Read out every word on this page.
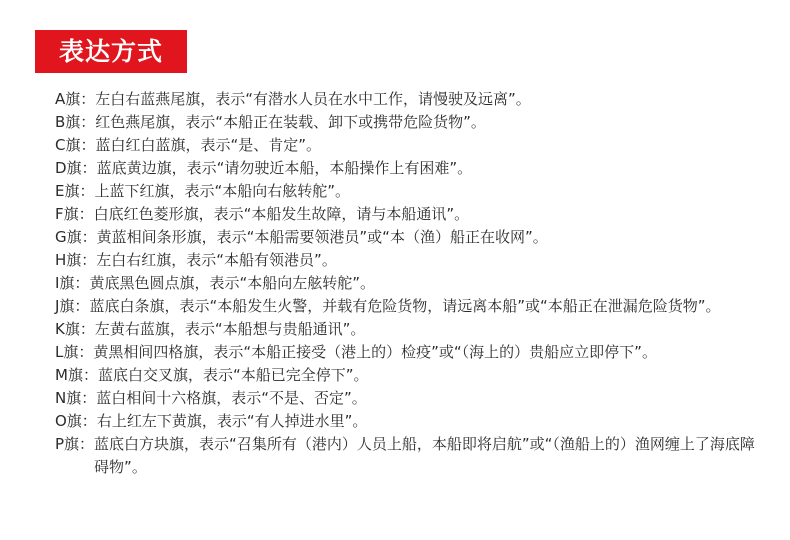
表达方式
A旗： 左白右蓝燕尾旗，表示“有潜水人员在水中工作，请慢驶及远离”。
B旗： 红色燕尾旗，表示“本船正在装载、卸下或携带危险货物”。
C旗： 蓝白红白蓝旗，表示“是、肯定”。
D旗： 蓝底黄边旗，表示“请勿驶近本船，本船操作上有困难”。
E旗： 上蓝下红旗，表示“本船向右舷转舵”。
F旗： 白底红色菱形旗，表示“本船发生故障，请与本船通讯”。
G旗： 黄蓝相间条形旗，表示“本船需要领港员”或“本（渔）船正在收网”。
H旗： 左白右红旗，表示“本船有领港员”。
I旗： 黄底黑色圆点旗，表示“本船向左舷转舵”。
J旗： 蓝底白条旗，表示“本船发生火警，并载有危险货物，请远离本船”或“本船正在泄漏危险货物”。
K旗： 左黄右蓝旗，表示“本船想与贵船通讯”。
L旗： 黄黑相间四格旗，表示“本船正接受（港上的）检疫”或“（海上的）贵船应立即停下”。
M旗： 蓝底白交叉旗，表示“本船已完全停下”。
N旗： 蓝白相间十六格旗，表示“不是、否定”。
O旗： 右上红左下黄旗，表示“有人掉进水里”。
P旗： 蓝底白方块旗，表示“召集所有（港内）人员上船，本船即将启航”或“（渔船上的）渔网缠上了海底障碍物”。
